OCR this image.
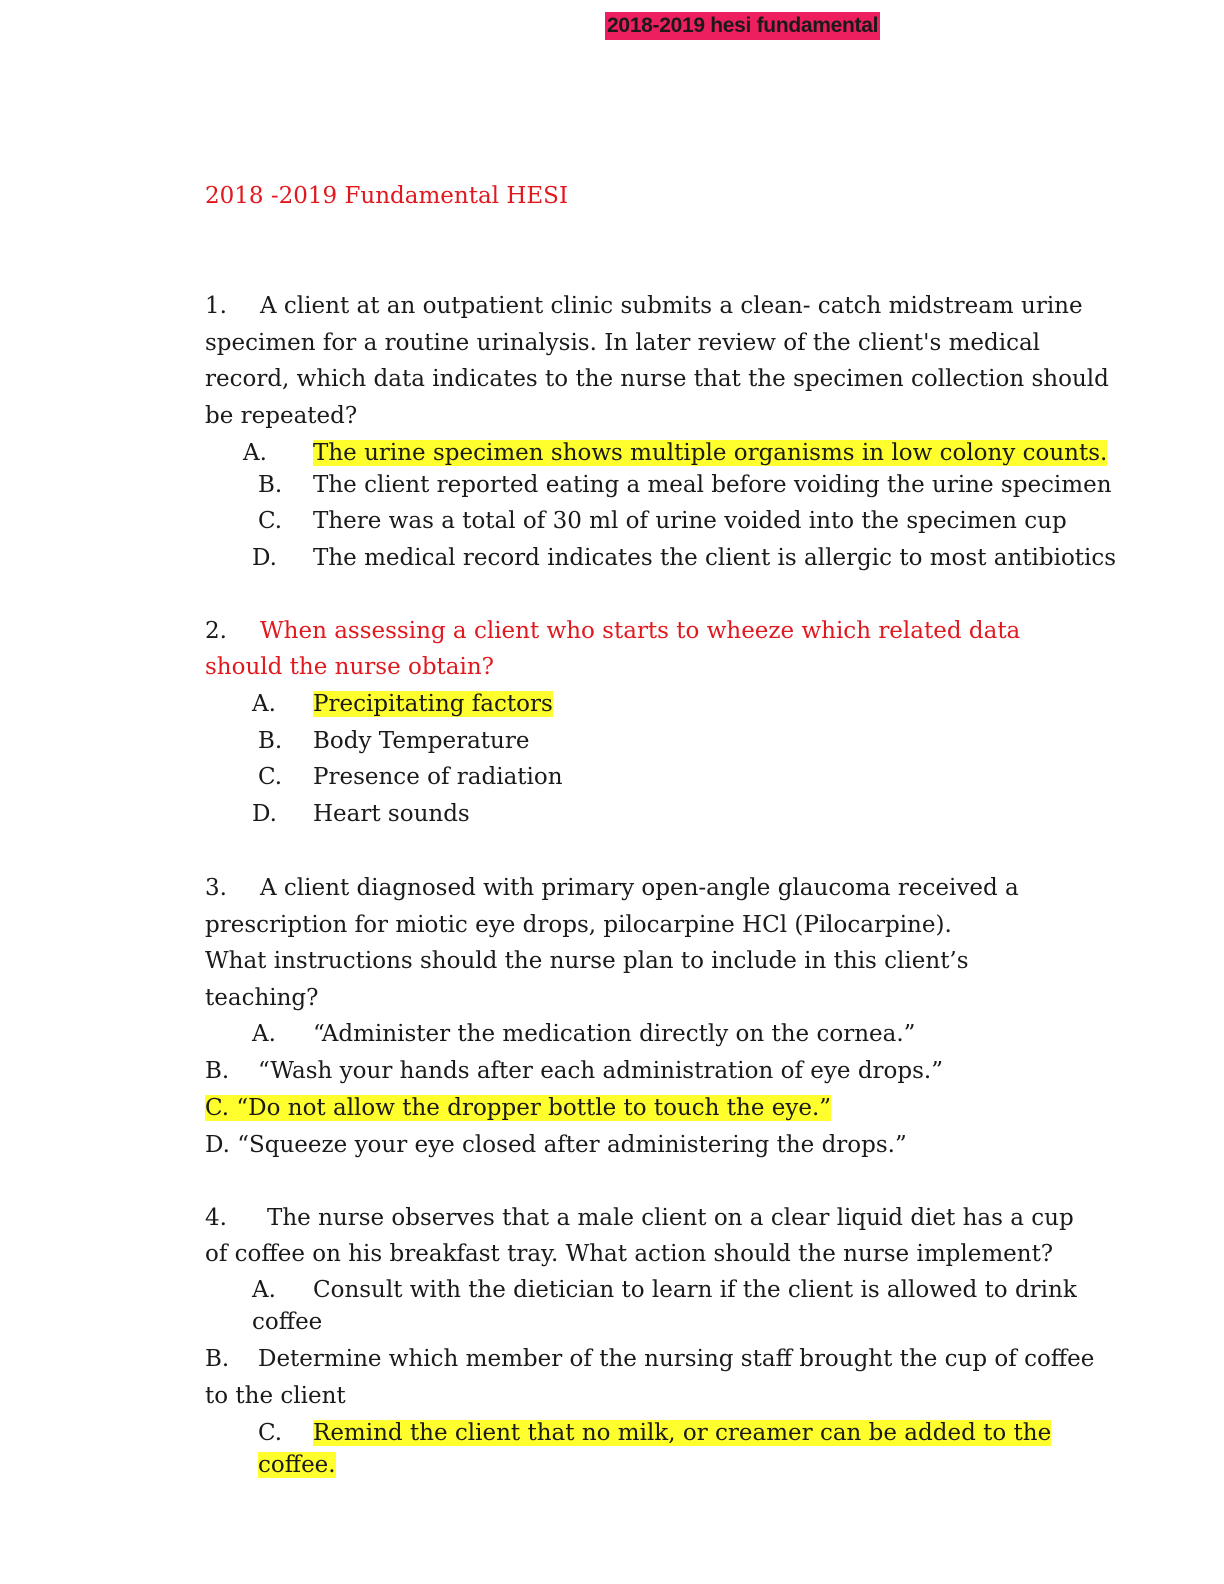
2018-2019 hesi fundamental
2018 -2019 Fundamental HESI
1. A client at an outpatient clinic submits a clean- catch midstream urine
specimen for a routine urinalysis. In later review of the client's medical
record, which data indicates to the nurse that the specimen collection should
be repeated?
A. The urine specimen shows multiple organisms in low colony counts.
B. The client reported eating a meal before voiding the urine specimen
C. There was a total of 30 ml of urine voided into the specimen cup
D. The medical record indicates the client is allergic to most antibiotics
2. When assessing a client who starts to wheeze which related data
should the nurse obtain?
A. Precipitating factors
B. Body Temperature
C. Presence of radiation
D. Heart sounds
3. A client diagnosed with primary open-angle glaucoma received a
prescription for miotic eye drops, pilocarpine HCl (Pilocarpine).
What instructions should the nurse plan to include in this client’s
teaching?
A. “Administer the medication directly on the cornea.”
B. “Wash your hands after each administration of eye drops.”
C. “Do not allow the dropper bottle to touch the eye.”
D. “Squeeze your eye closed after administering the drops.”
4. The nurse observes that a male client on a clear liquid diet has a cup
of coffee on his breakfast tray. What action should the nurse implement?
A. Consult with the dietician to learn if the client is allowed to drink
coffee
B. Determine which member of the nursing staff brought the cup of coffee
to the client
C. Remind the client that no milk, or creamer can be added to the
coffee.
